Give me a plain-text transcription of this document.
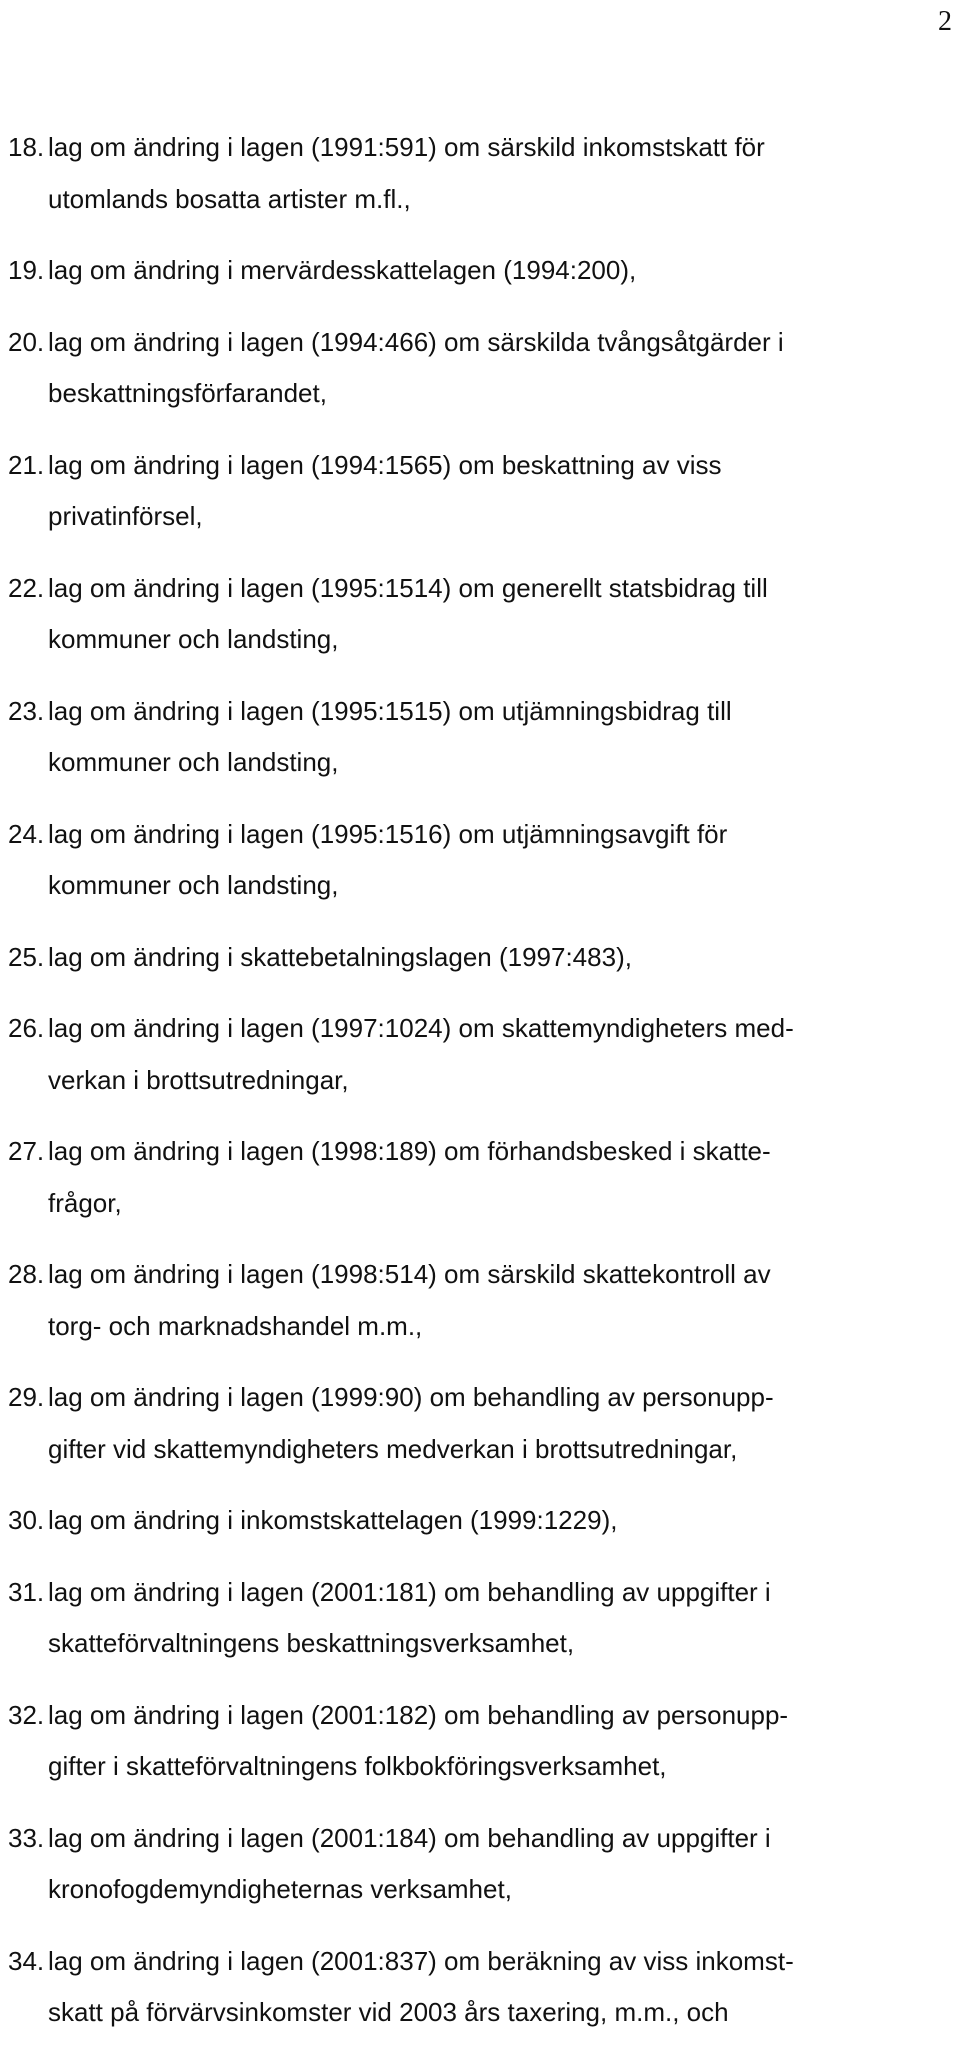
2
18. lag om ändring i lagen (1991:591) om särskild inkomstskatt för
utomlands bosatta artister m.fl.,
19. lag om ändring i mervärdesskattelagen (1994:200),
20. lag om ändring i lagen (1994:466) om särskilda tvångsåtgärder i
beskattningsförfarandet,
21. lag om ändring i lagen (1994:1565) om beskattning av viss
privatinförsel,
22. lag om ändring i lagen (1995:1514) om generellt statsbidrag till
kommuner och landsting,
23. lag om ändring i lagen (1995:1515) om utjämningsbidrag till
kommuner och landsting,
24. lag om ändring i lagen (1995:1516) om utjämningsavgift för
kommuner och landsting,
25. lag om ändring i skattebetalningslagen (1997:483),
26. lag om ändring i lagen (1997:1024) om skattemyndigheters med-
verkan i brottsutredningar,
27. lag om ändring i lagen (1998:189) om förhandsbesked i skatte-
frågor,
28. lag om ändring i lagen (1998:514) om särskild skattekontroll av
torg- och marknadshandel m.m.,
29. lag om ändring i lagen (1999:90) om behandling av personupp-
gifter vid skattemyndigheters medverkan i brottsutredningar,
30. lag om ändring i inkomstskattelagen (1999:1229),
31. lag om ändring i lagen (2001:181) om behandling av uppgifter i
skatteförvaltningens beskattningsverksamhet,
32. lag om ändring i lagen (2001:182) om behandling av personupp-
gifter i skatteförvaltningens folkbokföringsverksamhet,
33. lag om ändring i lagen (2001:184) om behandling av uppgifter i
kronofogdemyndigheternas verksamhet,
34. lag om ändring i lagen (2001:837) om beräkning av viss inkomst-
skatt på förvärvsinkomster vid 2003 års taxering, m.m., och
